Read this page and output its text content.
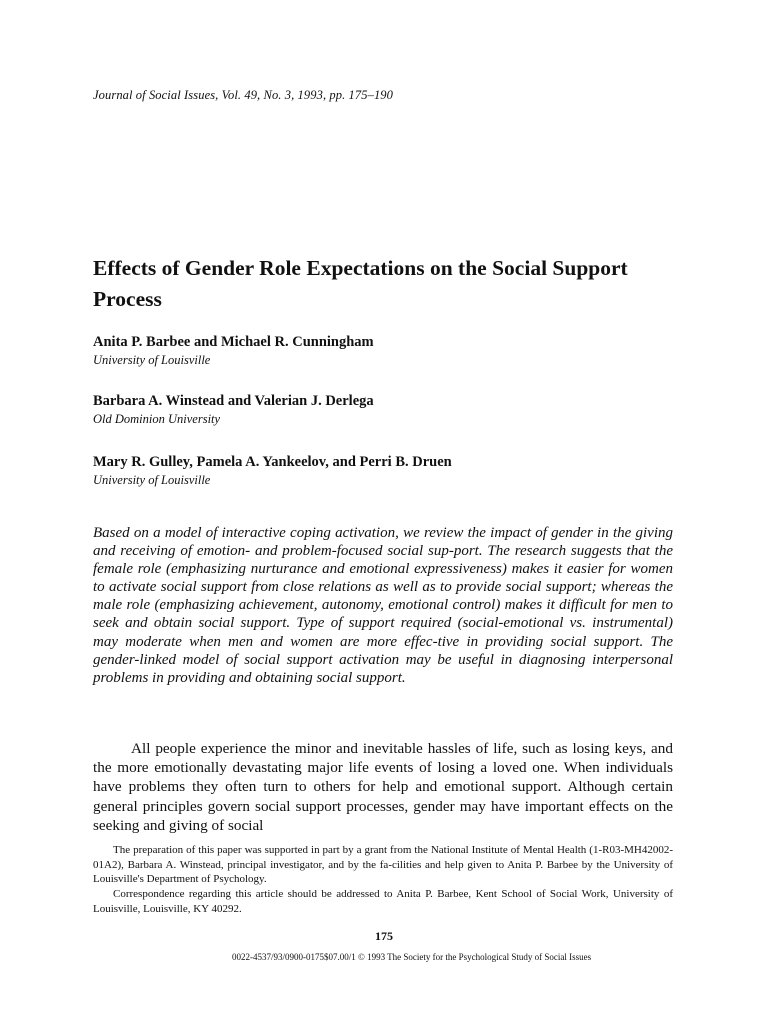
Journal of Social Issues, Vol. 49, No. 3, 1993, pp. 175–190
Effects of Gender Role Expectations on the Social Support Process
Anita P. Barbee and Michael R. Cunningham
University of Louisville
Barbara A. Winstead and Valerian J. Derlega
Old Dominion University
Mary R. Gulley, Pamela A. Yankeelov, and Perri B. Druen
University of Louisville

Based on a model of interactive coping activation, we review the impact of gender in the giving and receiving of emotion- and problem-focused social sup-port. The research suggests that the female role (emphasizing nurturance and emotional expressiveness) makes it easier for women to activate social support from close relations as well as to provide social support; whereas the male role (emphasizing achievement, autonomy, emotional control) makes it difficult for men to seek and obtain social support. Type of support required (social-emotional vs. instrumental) may moderate when men and women are more effec-tive in providing social support. The gender-linked model of social support activation may be useful in diagnosing interpersonal problems in providing and obtaining social support.

All people experience the minor and inevitable hassles of life, such as losing keys, and the more emotionally devastating major life events of losing a loved one. When individuals have problems they often turn to others for help and emotional support. Although certain general principles govern social support processes, gender may have important effects on the seeking and giving of social

The preparation of this paper was supported in part by a grant from the National Institute of Mental Health (1-R03-MH42002-01A2), Barbara A. Winstead, principal investigator, and by the fa-cilities and help given to Anita P. Barbee by the University of Louisville's Department of Psychology.

Correspondence regarding this article should be addressed to Anita P. Barbee, Kent School of Social Work, University of Louisville, Louisville, KY 40292.

175
0022-4537/93/0900-0175$07.00/1 © 1993 The Society for the Psychological Study of Social Issues
